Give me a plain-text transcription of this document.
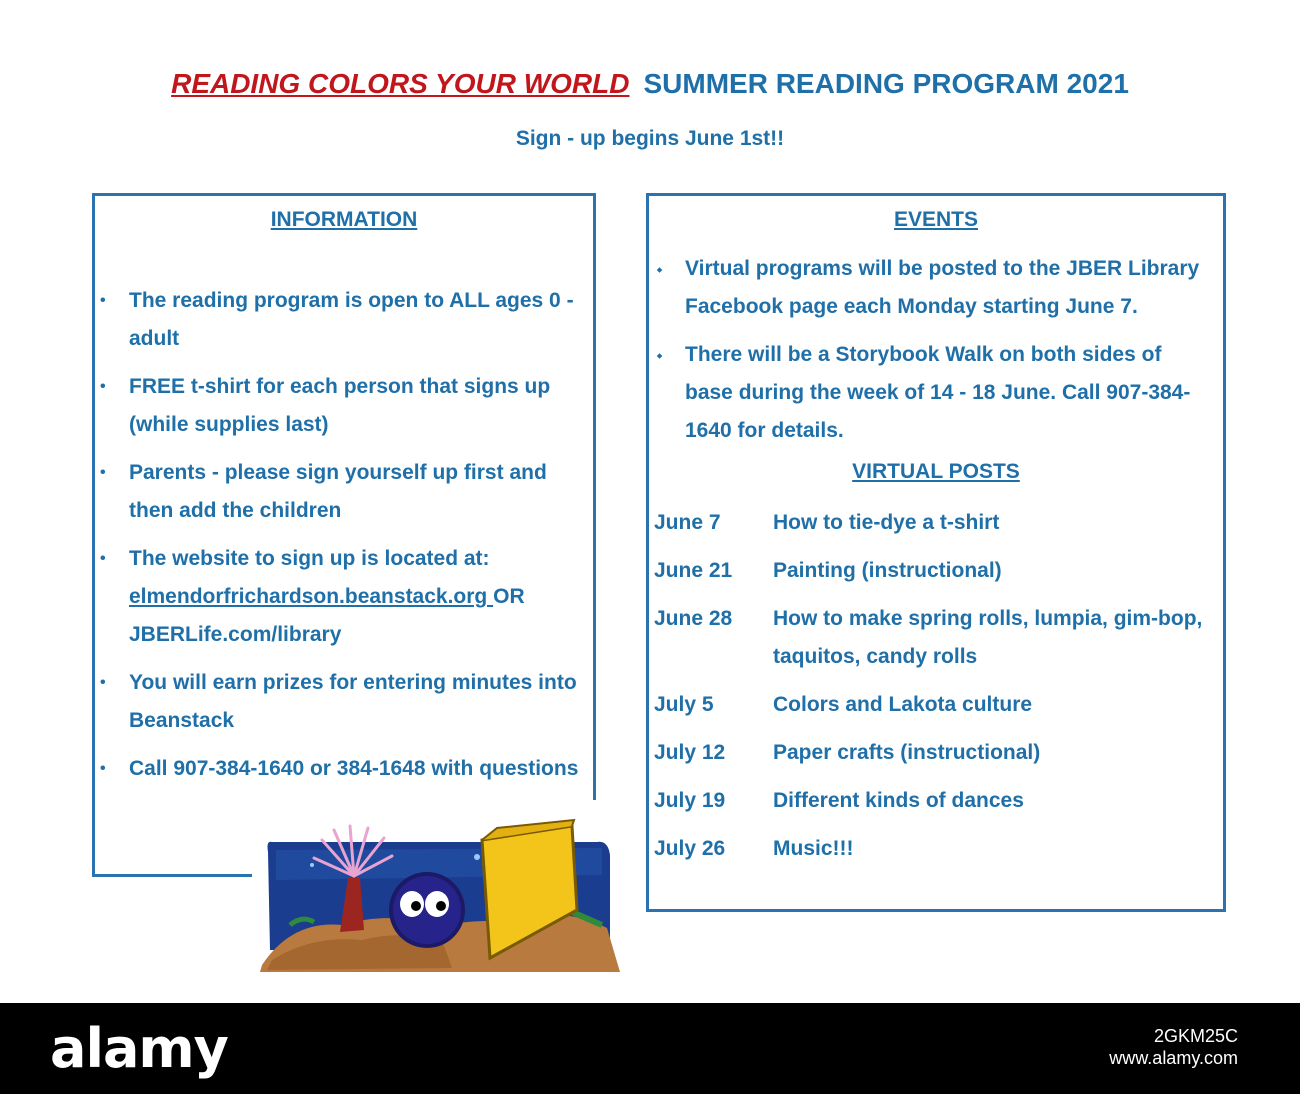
READING COLORS YOUR WORLD SUMMER READING PROGRAM 2021
Sign - up begins June 1st!!
INFORMATION
• The reading program is open to ALL ages 0 - adult
• FREE t-shirt for each person that signs up (while supplies last)
• Parents - please sign yourself up first and then add the children
• The website to sign up is located at:
elmendorfrichardson.beanstack.org OR
JBERLife.com/library
• You will earn prizes for entering minutes into Beanstack
• Call 907-384-1640 or 384-1648 with questions
EVENTS
⬩ Virtual programs will be posted to the JBER Library Facebook page each Monday starting June 7.
⬩ There will be a Storybook Walk on both sides of base during the week of 14 - 18 June. Call 907-384-1640 for details.
VIRTUAL POSTS
June 7	How to tie-dye a t-shirt
June 21	Painting (instructional)
June 28	How to make spring rolls, lumpia, gim-bop, taquitos, candy rolls
July 5	Colors and Lakota culture
July 12	Paper crafts (instructional)
July 19	Different kinds of dances
July 26	Music!!!
alamy	2GKM25C
www.alamy.com
